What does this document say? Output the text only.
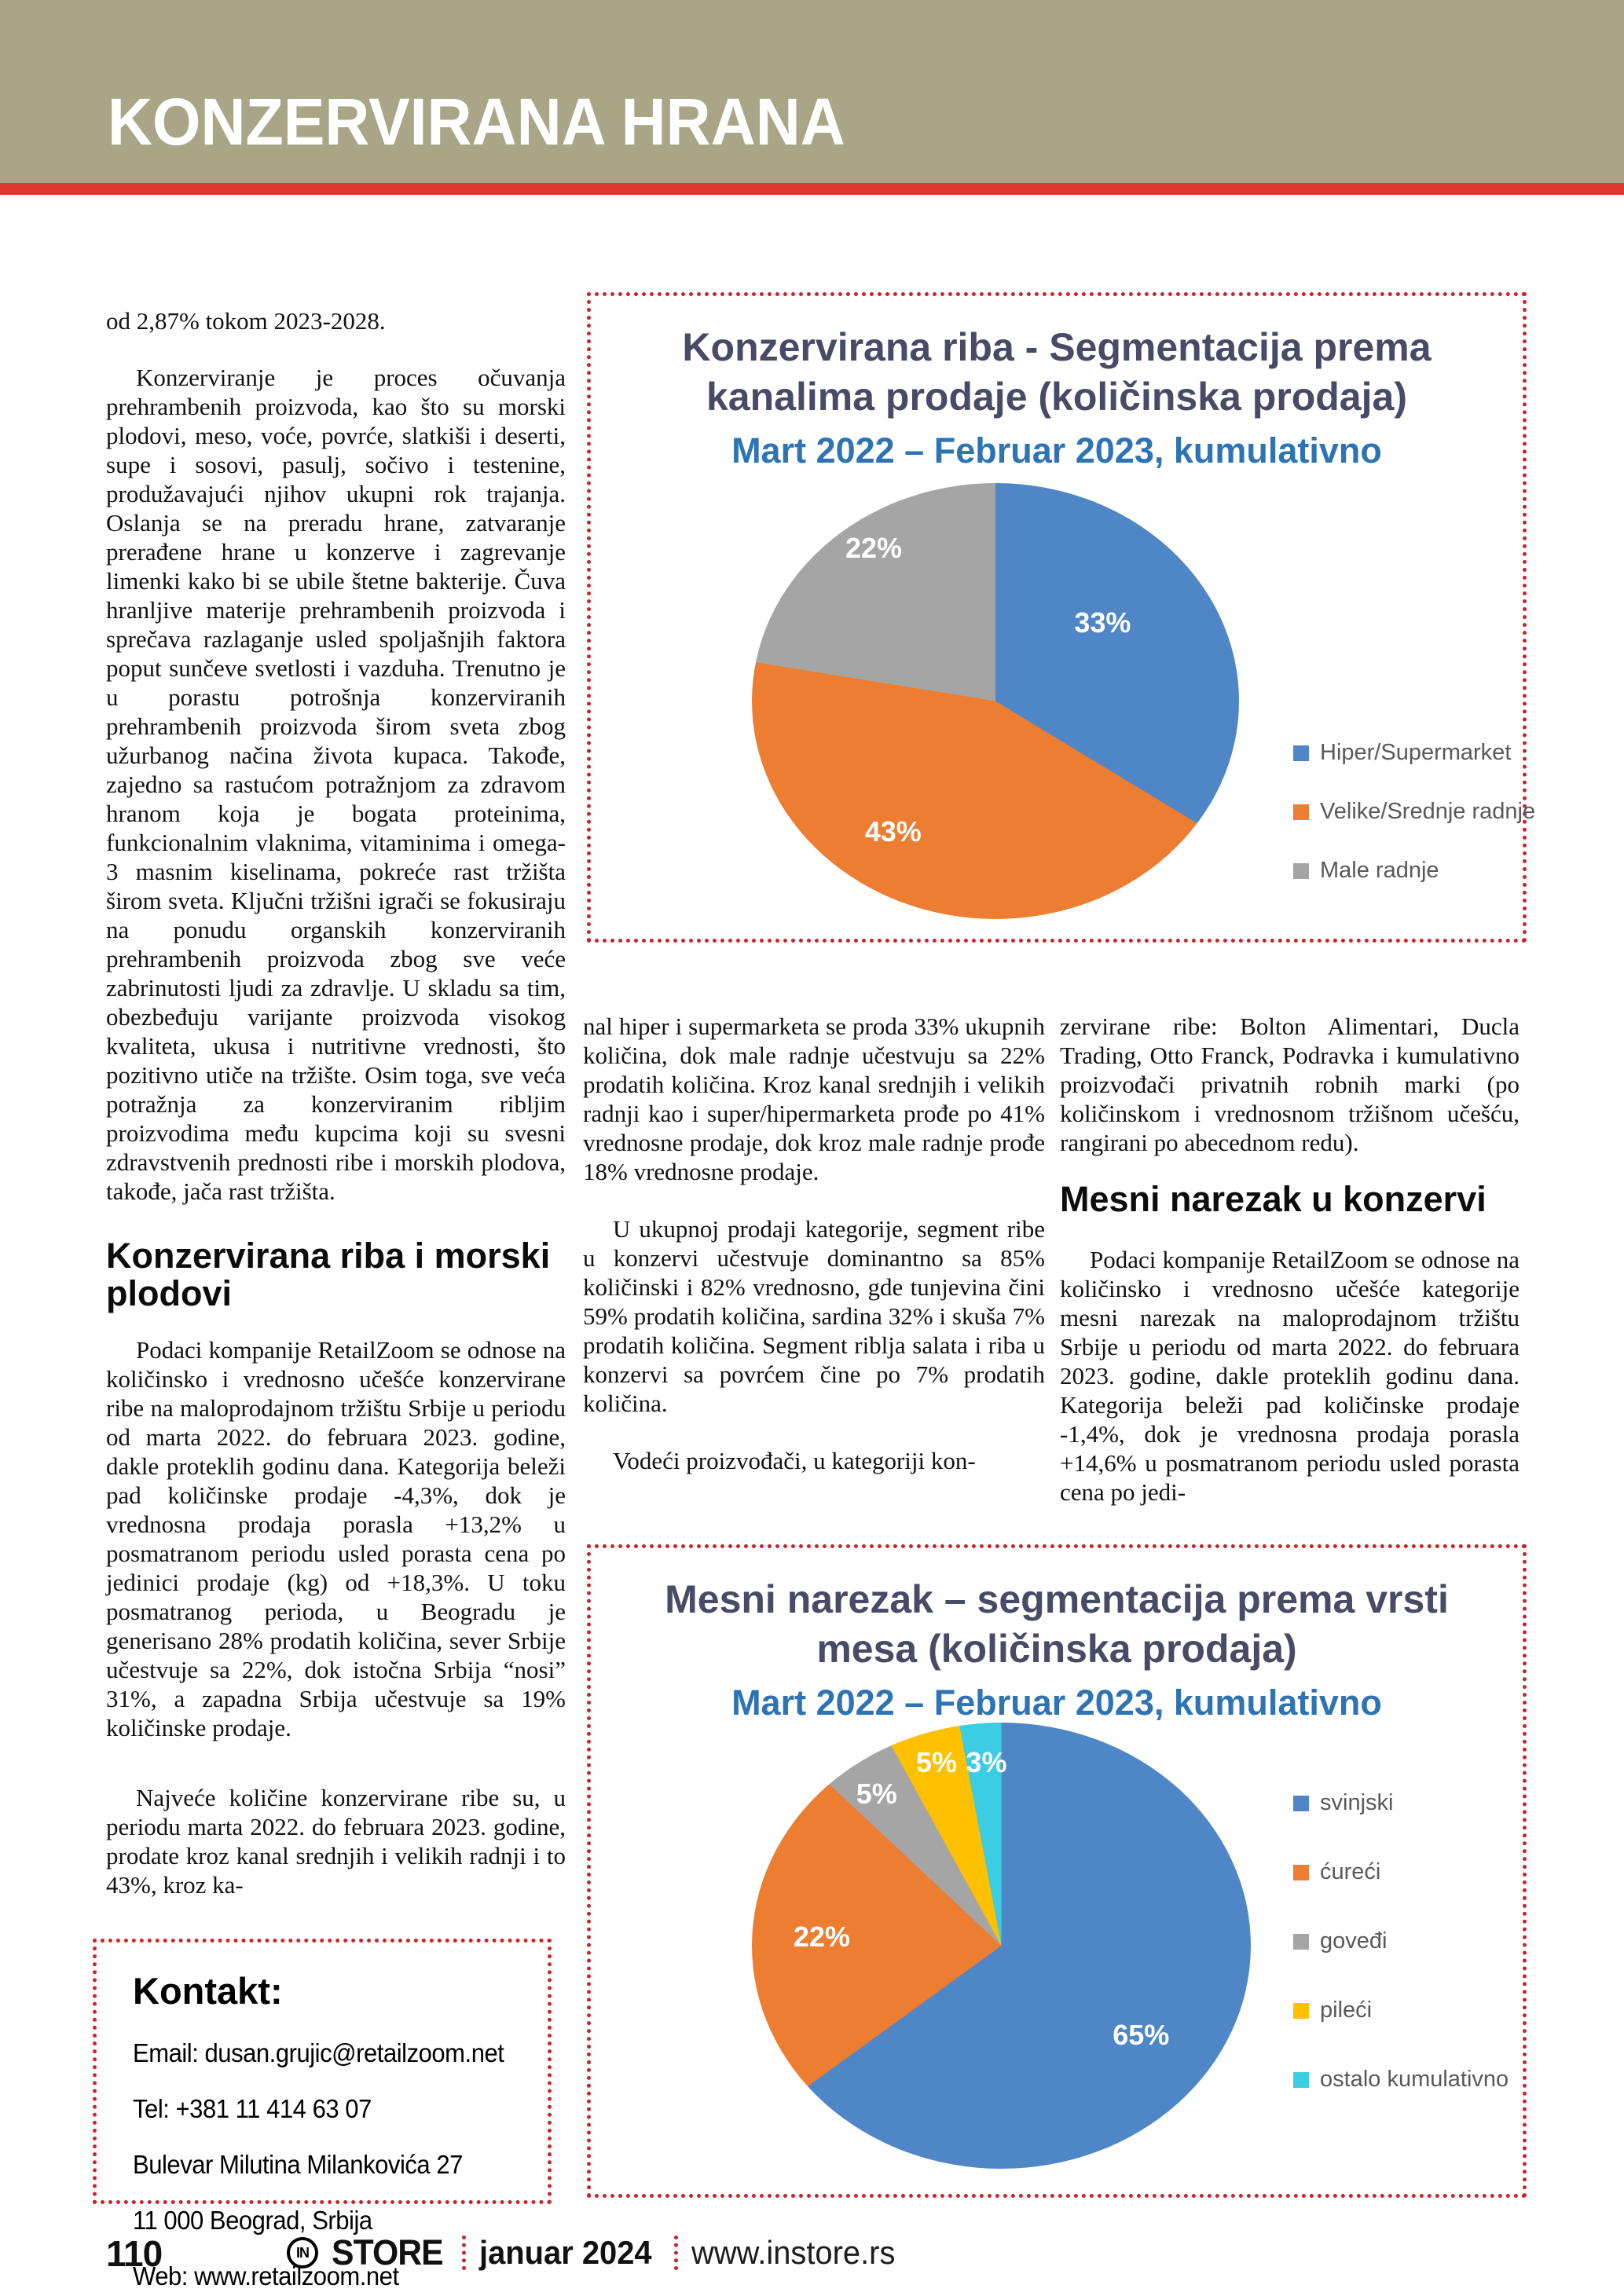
KONZERVIRANA HRANA

od 2,87% tokom 2023-2028.

Konzerviranje je proces očuvanja prehrambenih proizvoda, kao što su morski plodovi, meso, voće, povrće, slatkiši i deserti, supe i sosovi, pasulj, sočivo i testenine, produžavajući njihov ukupni rok trajanja. Oslanja se na preradu hrane, zatvaranje prerađene hrane u konzerve i zagrevanje limenki kako bi se ubile štetne bakterije. Čuva hranljive materije prehrambenih proizvoda i sprečava razlaganje usled spoljašnjih faktora poput sunčeve svetlosti i vazduha. Trenutno je u porastu potrošnja konzerviranih prehrambenih proizvoda širom sveta zbog užurbanog načina života kupaca. Takođe, zajedno sa rastućom potražnjom za zdravom hranom koja je bogata proteinima, funkcionalnim vlaknima, vitaminima i omega-3 masnim kiselinama, pokreće rast tržišta širom sveta. Ključni tržišni igrači se fokusiraju na ponudu organskih konzerviranih prehrambenih proizvoda zbog sve veće zabrinutosti ljudi za zdravlje. U skladu sa tim, obezbeđuju varijante proizvoda visokog kvaliteta, ukusa i nutritivne vrednosti, što pozitivno utiče na tržište. Osim toga, sve veća potražnja za konzerviranim ribljim proizvodima među kupcima koji su svesni zdravstvenih prednosti ribe i morskih plodova, takođe, jača rast tržišta.

Konzervirana riba i morski plodovi

Podaci kompanije RetailZoom se odnose na količinsko i vrednosno učešće konzervirane ribe na maloprodajnom tržištu Srbije u periodu od marta 2022. do februara 2023. godine, dakle proteklih godinu dana. Kategorija beleži pad količinske prodaje -4,3%, dok je vrednosna prodaja porasla +13,2% u posmatranom periodu usled porasta cena po jedinici prodaje (kg) od +18,3%. U toku posmatranog perioda, u Beogradu je generisano 28% prodatih količina, sever Srbije učestvuje sa 22%, dok istočna Srbija “nosi” 31%, a zapadna Srbija učestvuje sa 19% količinske prodaje.

Najveće količine konzervirane ribe su, u periodu marta 2022. do februara 2023. godine, prodate kroz kanal srednjih i velikih radnji i to 43%, kroz ka-

Kontakt:
Email: dusan.grujic@retailzoom.net
Tel: +381 11 414 63 07
Bulevar Milutina Milankovića 27
11 000 Beograd, Srbija
Web: www.retailzoom.net
Konzervirana riba - Segmentacija prema kanalima prodaje (količinska prodaja)
Mart 2022 – Februar 2023, kumulativno
33%
43%
22%
Hiper/Supermarket
Velike/Srednje radnje
Male radnje

nal hiper i supermarketa se proda 33% ukupnih količina, dok male radnje učestvuju sa 22% prodatih količina. Kroz kanal srednjih i velikih radnji kao i super/hipermarketa prođe po 41% vrednosne prodaje, dok kroz male radnje prođe 18% vrednosne prodaje.

U ukupnoj prodaji kategorije, segment ribe u konzervi učestvuje dominantno sa 85% količinski i 82% vrednosno, gde tunjevina čini 59% prodatih količina, sardina 32% i skuša 7% prodatih količina. Segment riblja salata i riba u konzervi sa povrćem čine po 7% prodatih količina.

Vodeći proizvođači, u kategoriji kon-

zervirane ribe: Bolton Alimentari, Ducla Trading, Otto Franck, Podravka i kumulativno proizvođači privatnih robnih marki (po količinskom i vrednosnom tržišnom učešću, rangirani po abecednom redu).

Mesni narezak u konzervi

Podaci kompanije RetailZoom se odnose na količinsko i vrednosno učešće kategorije mesni narezak na maloprodajnom tržištu Srbije u periodu od marta 2022. do februara 2023. godine, dakle proteklih godinu dana. Kategorija beleži pad količinske prodaje -1,4%, dok je vrednosna prodaja porasla +14,6% u posmatranom periodu usled porasta cena po jedi-

Mesni narezak – segmentacija prema vrsti mesa (količinska prodaja)
Mart 2022 – Februar 2023, kumulativno
65%
22%
5%
5% 3%
svinjski
ćureći
goveđi
pileći
ostalo kumulativno
110	IN STORE januar 2024 www.instore.rs
